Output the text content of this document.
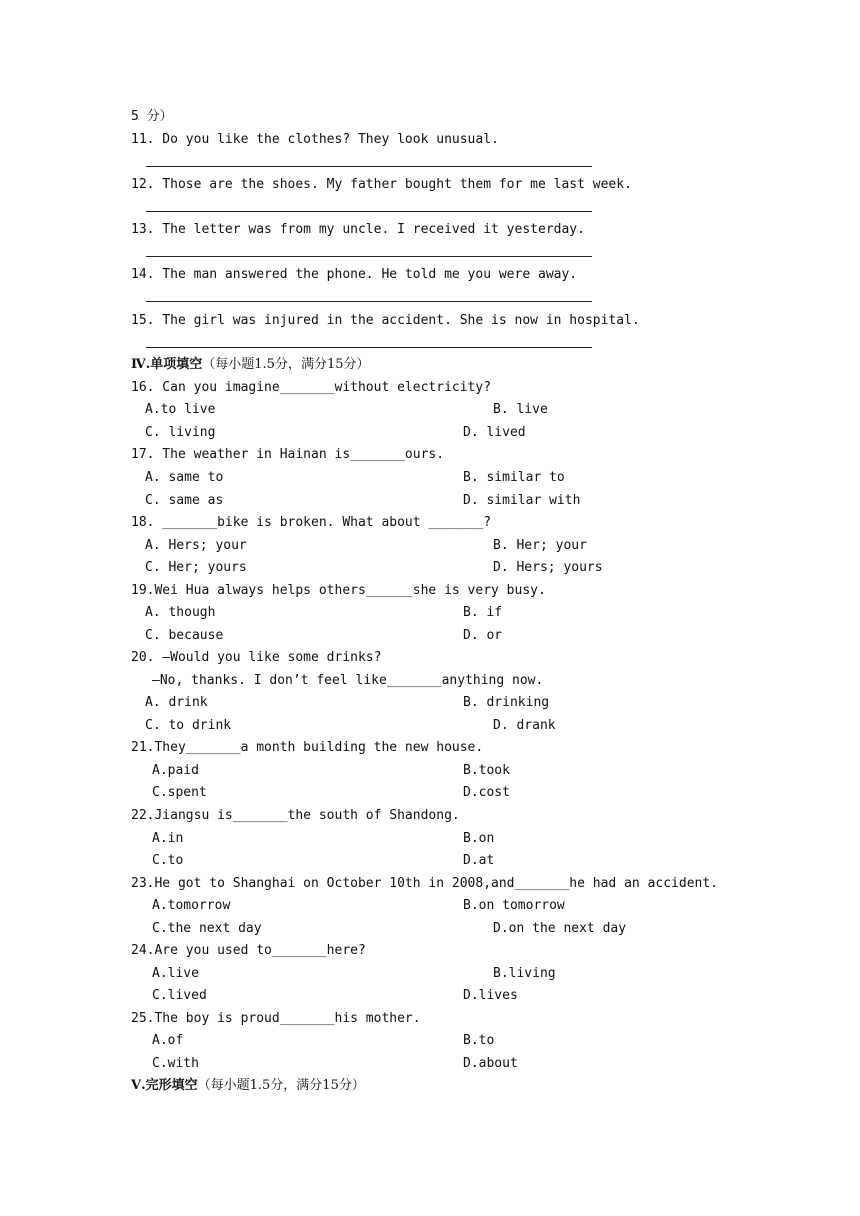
5 分）
11. Do you like the clothes? They look unusual.
12. Those are the shoes. My father bought them for me last week.
13. The letter was from my uncle. I received it yesterday.
14. The man answered the phone. He told me you were away.
15. The girl was injured in the accident. She is now in hospital.
Ⅳ.单项填空（每小题1.5分，满分15分）
16. Can you imagine_______without electricity?
A.to live	B. live
C. living	D. lived
17. The weather in Hainan is_______ours.
A. same to	B. similar to
C. same as	D. similar with
18. _______bike is broken. What about _______?
A. Hers; your	B. Her; your
C. Her; yours	D. Hers; yours
19.Wei Hua always helps others______she is very busy.
A. though	B. if
C. because	D. or
20. —Would you like some drinks?
—No, thanks. I don’t feel like_______anything now.
A. drink	B. drinking
C. to drink	D. drank
21.They_______a month building the new house.
A.paid	B.took
C.spent	D.cost
22.Jiangsu is_______the south of Shandong.
A.in	B.on
C.to	D.at
23.He got to Shanghai on October 10th in 2008,and_______he had an accident.
A.tomorrow	B.on tomorrow
C.the next day	D.on the next day
24.Are you used to_______here?
A.live	B.living
C.lived	D.lives
25.The boy is proud_______his mother.
A.of	B.to
C.with	D.about
Ⅴ.完形填空（每小题1.5分，满分15分）
